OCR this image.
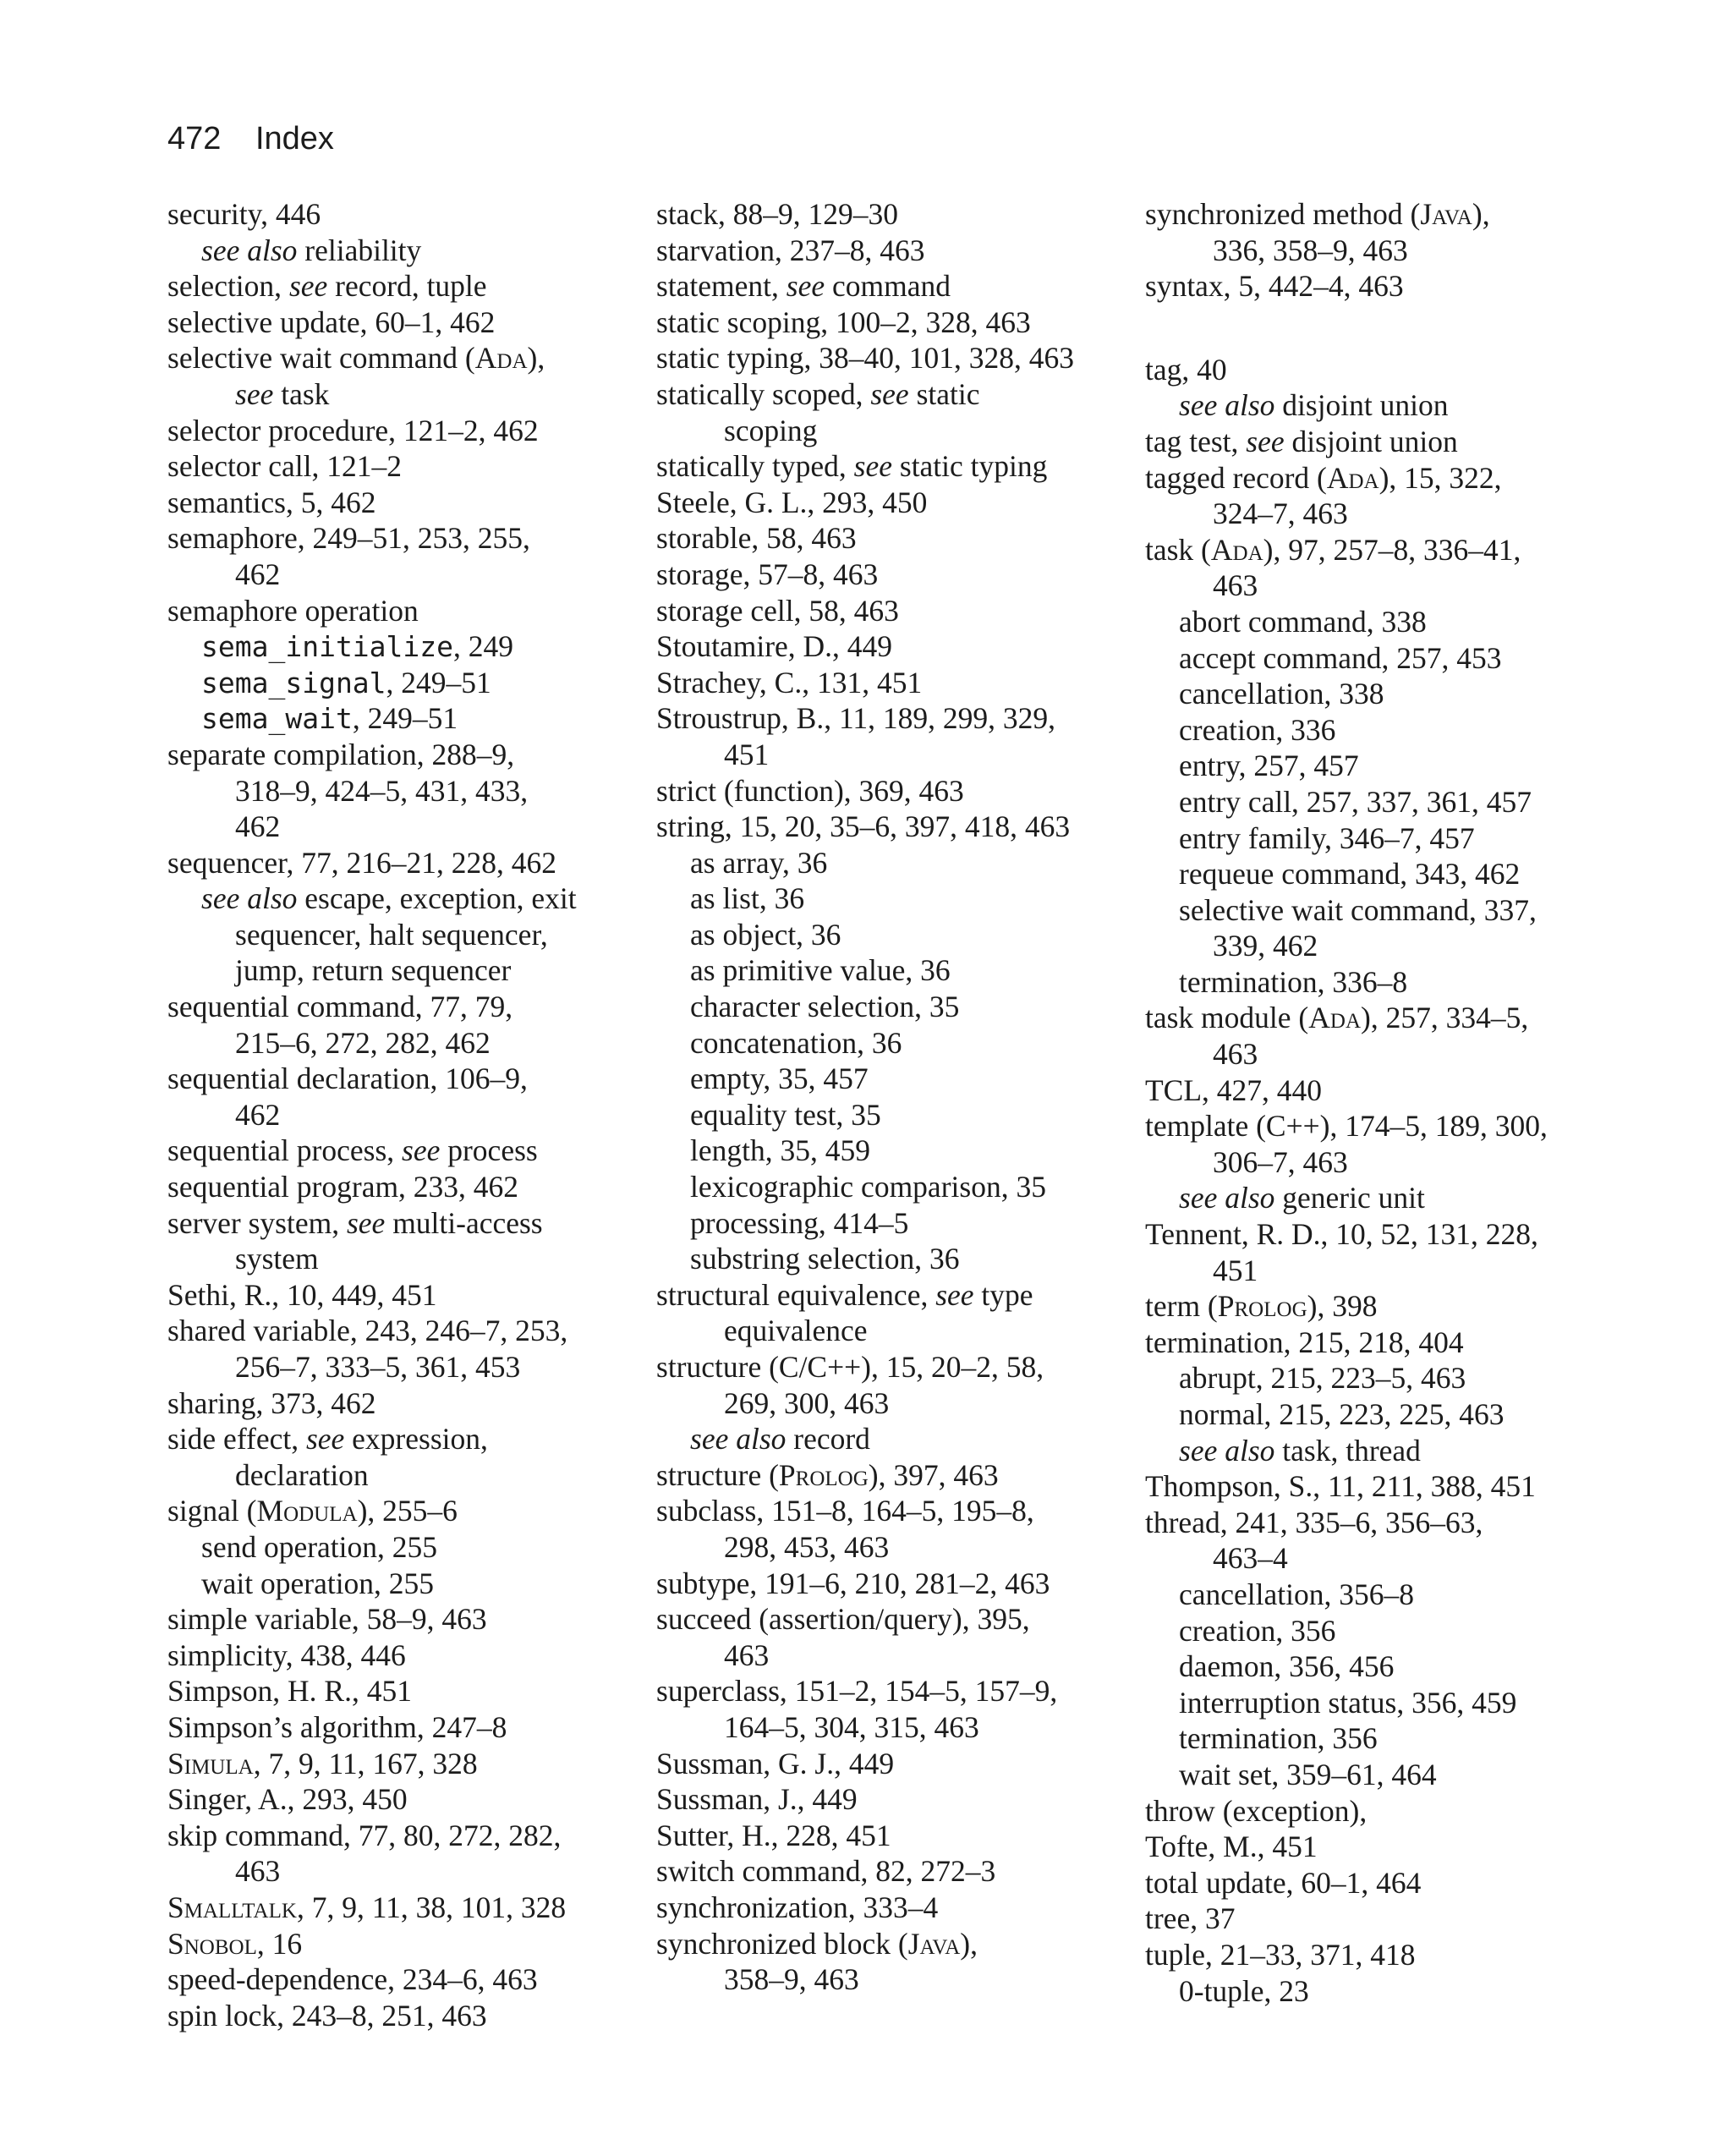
472 Index
security, 446
see also reliability
selection, see record, tuple
selective update, 60–1, 462
selective wait command (Ada),
see task
selector procedure, 121–2, 462
selector call, 121–2
semantics, 5, 462
semaphore, 249–51, 253, 255,
462
semaphore operation
sema_initialize, 249
sema_signal, 249–51
sema_wait, 249–51
separate compilation, 288–9,
318–9, 424–5, 431, 433,
462
sequencer, 77, 216–21, 228, 462
see also escape, exception, exit
sequencer, halt sequencer,
jump, return sequencer
sequential command, 77, 79,
215–6, 272, 282, 462
sequential declaration, 106–9,
462
sequential process, see process
sequential program, 233, 462
server system, see multi-access
system
Sethi, R., 10, 449, 451
shared variable, 243, 246–7, 253,
256–7, 333–5, 361, 453
sharing, 373, 462
side effect, see expression,
declaration
signal (Modula), 255–6
send operation, 255
wait operation, 255
simple variable, 58–9, 463
simplicity, 438, 446
Simpson, H. R., 451
Simpson’s algorithm, 247–8
Simula, 7, 9, 11, 167, 328
Singer, A., 293, 450
skip command, 77, 80, 272, 282,
463
Smalltalk, 7, 9, 11, 38, 101, 328
Snobol, 16
speed-dependence, 234–6, 463
spin lock, 243–8, 251, 463
stack, 88–9, 129–30
starvation, 237–8, 463
statement, see command
static scoping, 100–2, 328, 463
static typing, 38–40, 101, 328, 463
statically scoped, see static
scoping
statically typed, see static typing
Steele, G. L., 293, 450
storable, 58, 463
storage, 57–8, 463
storage cell, 58, 463
Stoutamire, D., 449
Strachey, C., 131, 451
Stroustrup, B., 11, 189, 299, 329,
451
strict (function), 369, 463
string, 15, 20, 35–6, 397, 418, 463
as array, 36
as list, 36
as object, 36
as primitive value, 36
character selection, 35
concatenation, 36
empty, 35, 457
equality test, 35
length, 35, 459
lexicographic comparison, 35
processing, 414–5
substring selection, 36
structural equivalence, see type
equivalence
structure (C/C++), 15, 20–2, 58,
269, 300, 463
see also record
structure (Prolog), 397, 463
subclass, 151–8, 164–5, 195–8,
298, 453, 463
subtype, 191–6, 210, 281–2, 463
succeed (assertion/query), 395,
463
superclass, 151–2, 154–5, 157–9,
164–5, 304, 315, 463
Sussman, G. J., 449
Sussman, J., 449
Sutter, H., 228, 451
switch command, 82, 272–3
synchronization, 333–4
synchronized block (Java),
358–9, 463
synchronized method (Java),
336, 358–9, 463
syntax, 5, 442–4, 463
tag, 40
see also disjoint union
tag test, see disjoint union
tagged record (Ada), 15, 322,
324–7, 463
task (Ada), 97, 257–8, 336–41,
463
abort command, 338
accept command, 257, 453
cancellation, 338
creation, 336
entry, 257, 457
entry call, 257, 337, 361, 457
entry family, 346–7, 457
requeue command, 343, 462
selective wait command, 337,
339, 462
termination, 336–8
task module (Ada), 257, 334–5,
463
TCL, 427, 440
template (C++), 174–5, 189, 300,
306–7, 463
see also generic unit
Tennent, R. D., 10, 52, 131, 228,
451
term (Prolog), 398
termination, 215, 218, 404
abrupt, 215, 223–5, 463
normal, 215, 223, 225, 463
see also task, thread
Thompson, S., 11, 211, 388, 451
thread, 241, 335–6, 356–63,
463–4
cancellation, 356–8
creation, 356
daemon, 356, 456
interruption status, 356, 459
termination, 356
wait set, 359–61, 464
throw (exception),
Tofte, M., 451
total update, 60–1, 464
tree, 37
tuple, 21–33, 371, 418
0-tuple, 23
